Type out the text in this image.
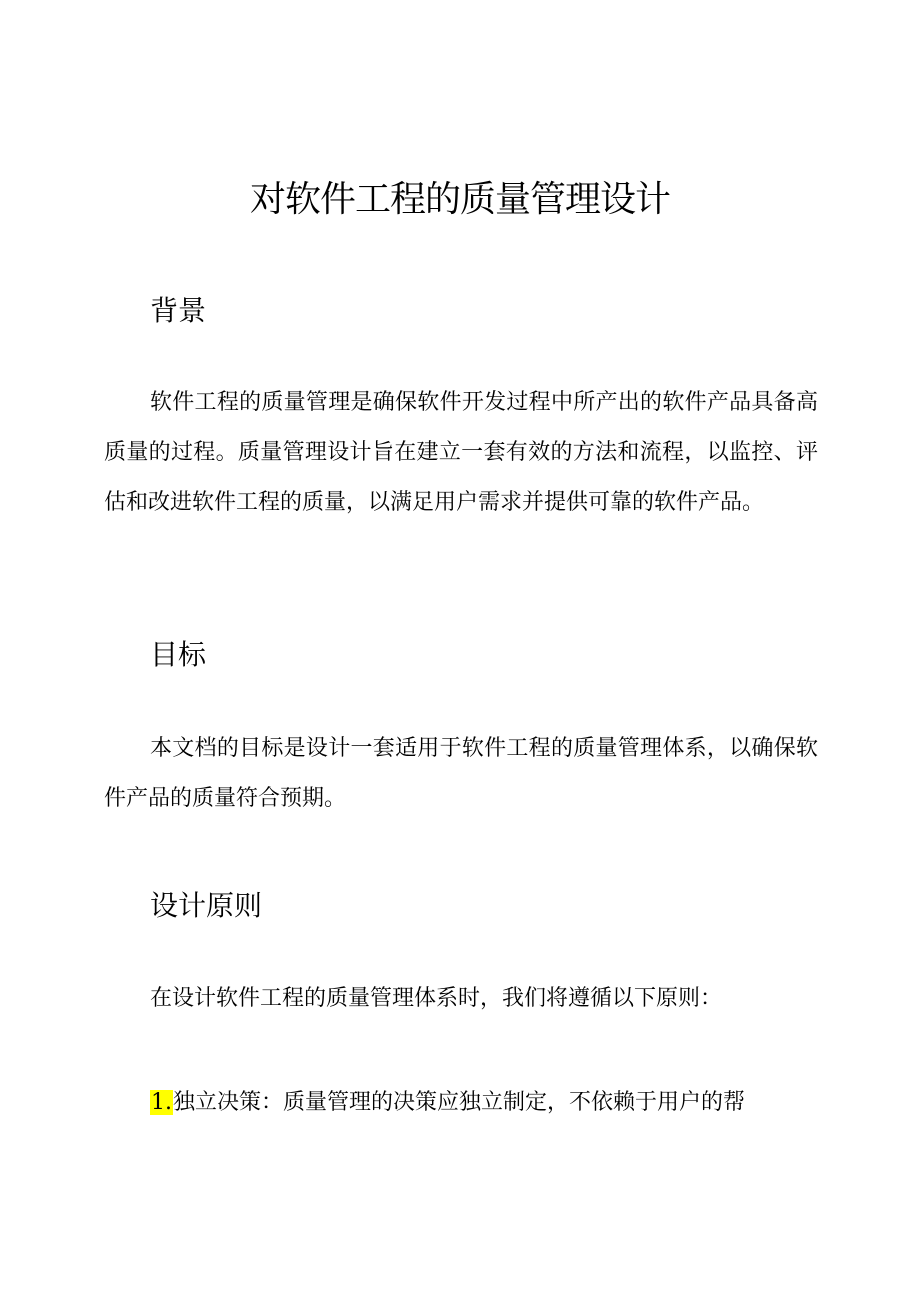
对软件工程的质量管理设计
背景

软件工程的质量管理是确保软件开发过程中所产出的软件产品具备高质量的过程。质量管理设计旨在建立一套有效的方法和流程，以监控、评估和改进软件工程的质量，以满足用户需求并提供可靠的软件产品。

目标

本文档的目标是设计一套适用于软件工程的质量管理体系，以确保软件产品的质量符合预期。

设计原则

在设计软件工程的质量管理体系时，我们将遵循以下原则：

1.独立决策：质量管理的决策应独立制定，不依赖于用户的帮
